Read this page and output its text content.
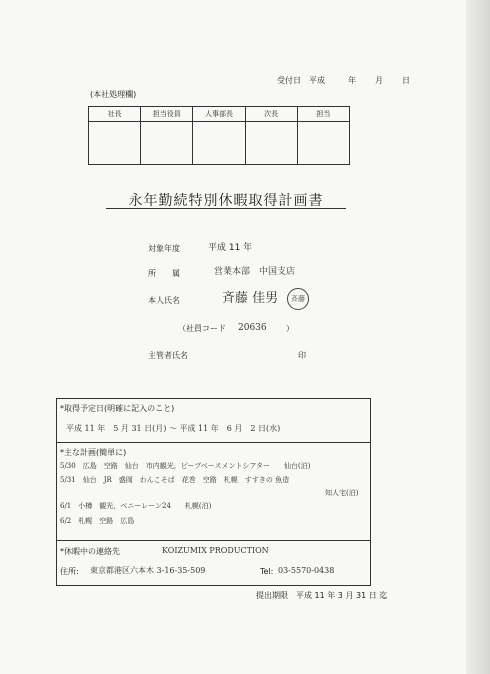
受付日 平成	年 月 日
(本社処理欄)
社長	担当役員	人事部長	次長	担当

永年勤続特別休暇取得計画書
対象年度	平成 11 年
所　　属	営業本部　中国支店
本人氏名	斉藤 佳男	斉藤
（社員コード 20636 ）
主管者氏名	印
*取得予定日(明確に記入のこと)
平成 11 年　5 月 31 日(月) ～ 平成 11 年　6 月　2 日(水)
*主な計画(簡単に)
5/30　広島　空路　仙台　市内観光，ピーブベースメントシアター　　仙台(泊)
5/31　仙台　JR　盛岡　わんこそば　花巻　空路　札幌　すすきの 魚造
知人宅(泊)
6/1　小樽　観光，ベニーレーン24　　札幌(泊)
6/2　札幌　空路　広島
*休暇中の連絡先	KOIZUMIX PRODUCTION
住所: 東京都港区六本木 3-16-35-509	Tel: 03-5570-0438
提出期限　平成 11 年 3 月 31 日 迄
